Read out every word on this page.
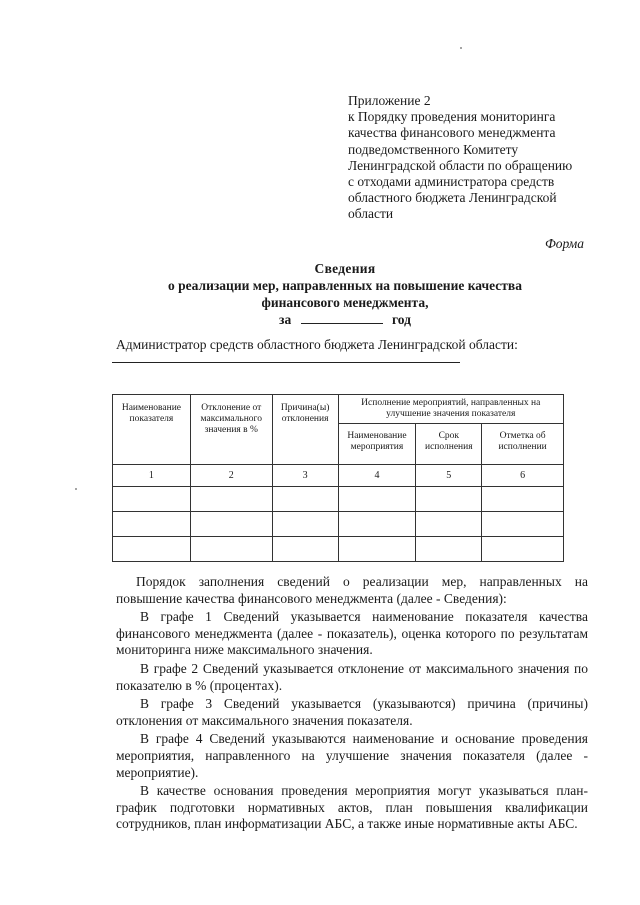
Приложение 2
к Порядку проведения мониторинга
качества финансового менеджмента
подведомственного Комитету
Ленинградской области по обращению
с отходами администратора средств
областного бюджета Ленинградской
области
Форма
Сведения
о реализации мер, направленных на повышение качества
финансового менеджмента,
за	год
Администратор средств областного бюджета Ленинградской области:
Наименование показателя	Отклонение от максимального значения в %	Причина(ы) отклонения	Исполнение мероприятий, направленных на улучшение значения показателя		
			Наименование мероприятия	Срок исполнения	Отметка об исполнении
1	2	3	4	5	6

Порядок заполнения сведений о реализации мер, направленных на повышение качества финансового менеджмента (далее - Сведения):

В графе 1 Сведений указывается наименование показателя качества финансового менеджмента (далее - показатель), оценка которого по результатам мониторинга ниже максимального значения.

В графе 2 Сведений указывается отклонение от максимального значения по показателю в % (процентах).

В графе 3 Сведений указывается (указываются) причина (причины) отклонения от максимального значения показателя.

В графе 4 Сведений указываются наименование и основание проведения мероприятия, направленного на улучшение значения показателя (далее - мероприятие).

В качестве основания проведения мероприятия могут указываться план-график подготовки нормативных актов, план повышения квалификации сотрудников, план информатизации АБС, а также иные нормативные акты АБС.
